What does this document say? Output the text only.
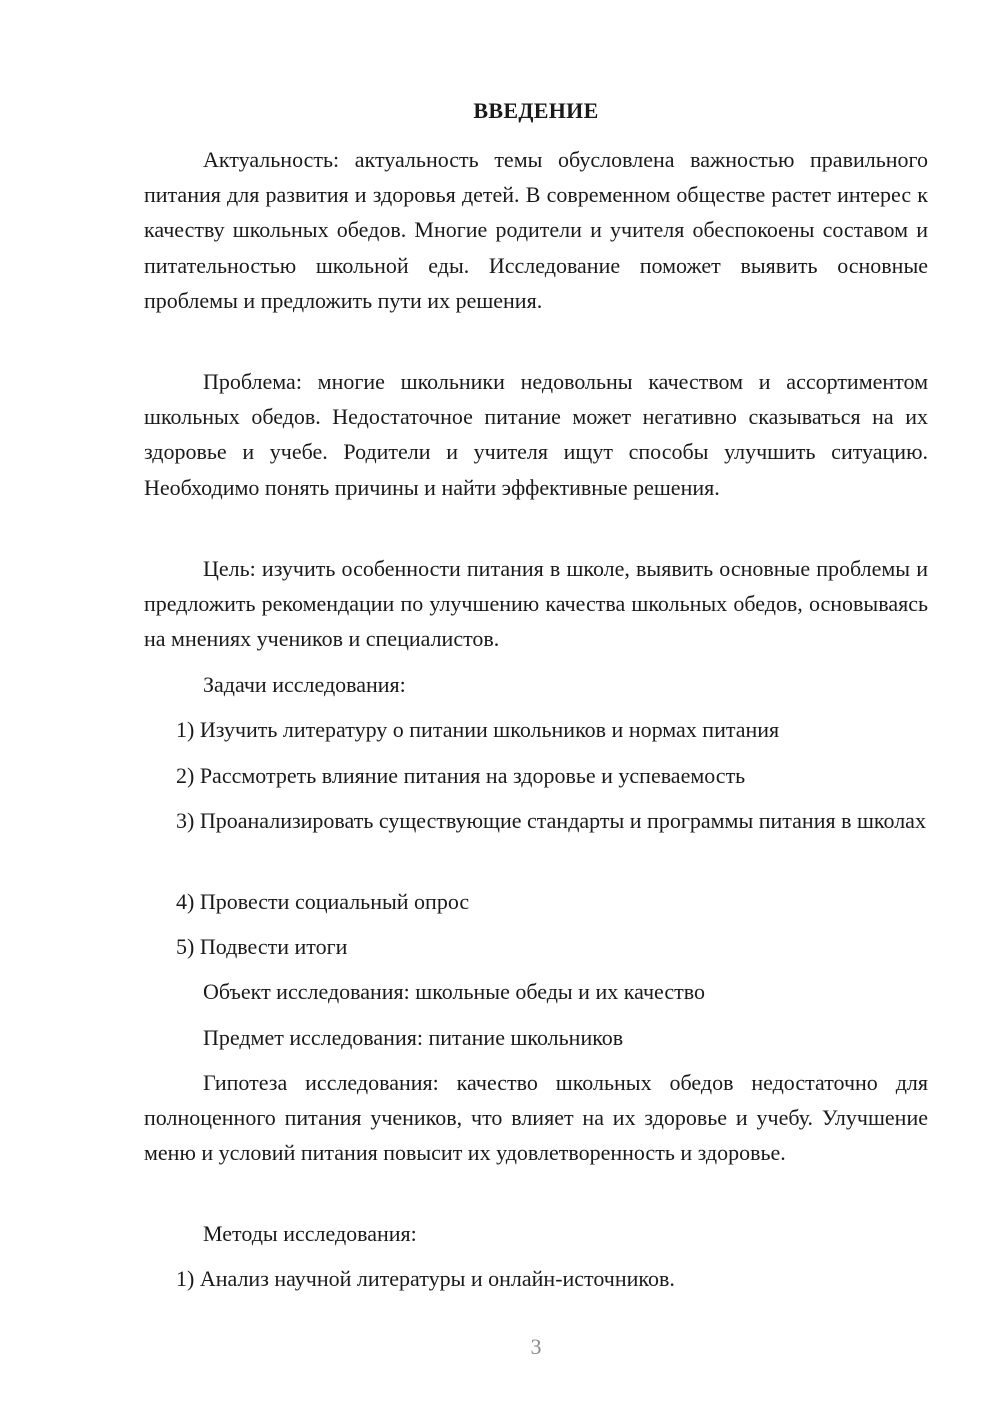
ВВЕДЕНИЕ

Актуальность: актуальность темы обусловлена важностью правильного питания для развития и здоровья детей. В современном обществе растет интерес к качеству школьных обедов. Многие родители и учителя обеспокоены составом и питательностью школьной еды. Исследование поможет выявить основные проблемы и предложить пути их решения.

Проблема: многие школьники недовольны качеством и ассортиментом школьных обедов. Недостаточное питание может негативно сказываться на их здоровье и учебе. Родители и учителя ищут способы улучшить ситуацию. Необходимо понять причины и найти эффективные решения.

Цель: изучить особенности питания в школе, выявить основные проблемы и предложить рекомендации по улучшению качества школьных обедов, основываясь на мнениях учеников и специалистов.

Задачи исследования:

1) Изучить литературу о питании школьников и нормах питания

2) Рассмотреть влияние питания на здоровье и успеваемость

3) Проанализировать существующие стандарты и программы питания в школах

4) Провести социальный опрос

5) Подвести итоги

Объект исследования: школьные обеды и их качество

Предмет исследования: питание школьников

Гипотеза исследования: качество школьных обедов недостаточно для полноценного питания учеников, что влияет на их здоровье и учебу. Улучшение меню и условий питания повысит их удовлетворенность и здоровье.

Методы исследования:

1) Анализ научной литературы и онлайн-источников.

3
